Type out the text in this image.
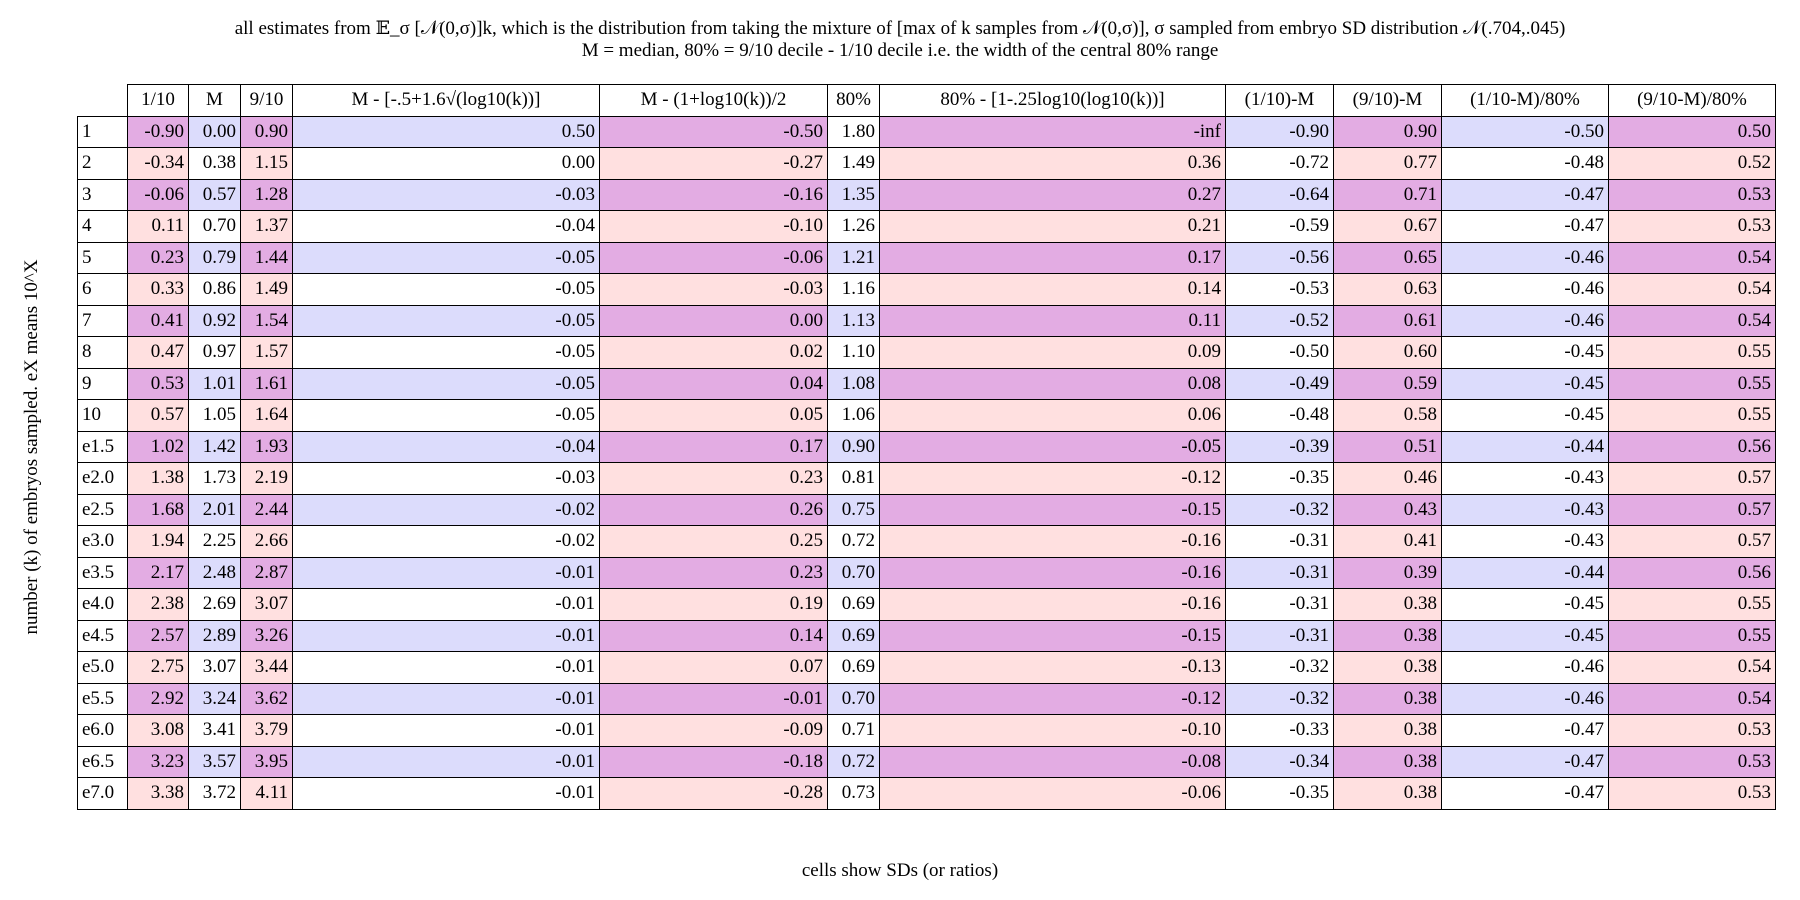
all estimates from 𝔼_σ [𝒩(0,σ)]k, which is the distribution from taking the mixture of [max of k samples from 𝒩(0,σ)], σ sampled from embryo SD distribution 𝒩(.704,.045)
M = median, 80% = 9/10 decile - 1/10 decile i.e. the width of the central 80% range
number (k) of embryos sampled. eX means 10^X
	1/10	M	9/10	M - [-.5+1.6√(log10(k))]	M - (1+log10(k))/2	80%	80% - [1-.25log10(log10(k))]	(1/10)-M	(9/10)-M	(1/10-M)/80%	(9/10-M)/80%
1	-0.90	0.00	0.90	0.50	-0.50	1.80	-inf	-0.90	0.90	-0.50	0.50
2	-0.34	0.38	1.15	0.00	-0.27	1.49	0.36	-0.72	0.77	-0.48	0.52
3	-0.06	0.57	1.28	-0.03	-0.16	1.35	0.27	-0.64	0.71	-0.47	0.53
4	0.11	0.70	1.37	-0.04	-0.10	1.26	0.21	-0.59	0.67	-0.47	0.53
5	0.23	0.79	1.44	-0.05	-0.06	1.21	0.17	-0.56	0.65	-0.46	0.54
6	0.33	0.86	1.49	-0.05	-0.03	1.16	0.14	-0.53	0.63	-0.46	0.54
7	0.41	0.92	1.54	-0.05	0.00	1.13	0.11	-0.52	0.61	-0.46	0.54
8	0.47	0.97	1.57	-0.05	0.02	1.10	0.09	-0.50	0.60	-0.45	0.55
9	0.53	1.01	1.61	-0.05	0.04	1.08	0.08	-0.49	0.59	-0.45	0.55
10	0.57	1.05	1.64	-0.05	0.05	1.06	0.06	-0.48	0.58	-0.45	0.55
e1.5	1.02	1.42	1.93	-0.04	0.17	0.90	-0.05	-0.39	0.51	-0.44	0.56
e2.0	1.38	1.73	2.19	-0.03	0.23	0.81	-0.12	-0.35	0.46	-0.43	0.57
e2.5	1.68	2.01	2.44	-0.02	0.26	0.75	-0.15	-0.32	0.43	-0.43	0.57
e3.0	1.94	2.25	2.66	-0.02	0.25	0.72	-0.16	-0.31	0.41	-0.43	0.57
e3.5	2.17	2.48	2.87	-0.01	0.23	0.70	-0.16	-0.31	0.39	-0.44	0.56
e4.0	2.38	2.69	3.07	-0.01	0.19	0.69	-0.16	-0.31	0.38	-0.45	0.55
e4.5	2.57	2.89	3.26	-0.01	0.14	0.69	-0.15	-0.31	0.38	-0.45	0.55
e5.0	2.75	3.07	3.44	-0.01	0.07	0.69	-0.13	-0.32	0.38	-0.46	0.54
e5.5	2.92	3.24	3.62	-0.01	-0.01	0.70	-0.12	-0.32	0.38	-0.46	0.54
e6.0	3.08	3.41	3.79	-0.01	-0.09	0.71	-0.10	-0.33	0.38	-0.47	0.53
e6.5	3.23	3.57	3.95	-0.01	-0.18	0.72	-0.08	-0.34	0.38	-0.47	0.53
e7.0	3.38	3.72	4.11	-0.01	-0.28	0.73	-0.06	-0.35	0.38	-0.47	0.53
cells show SDs (or ratios)
